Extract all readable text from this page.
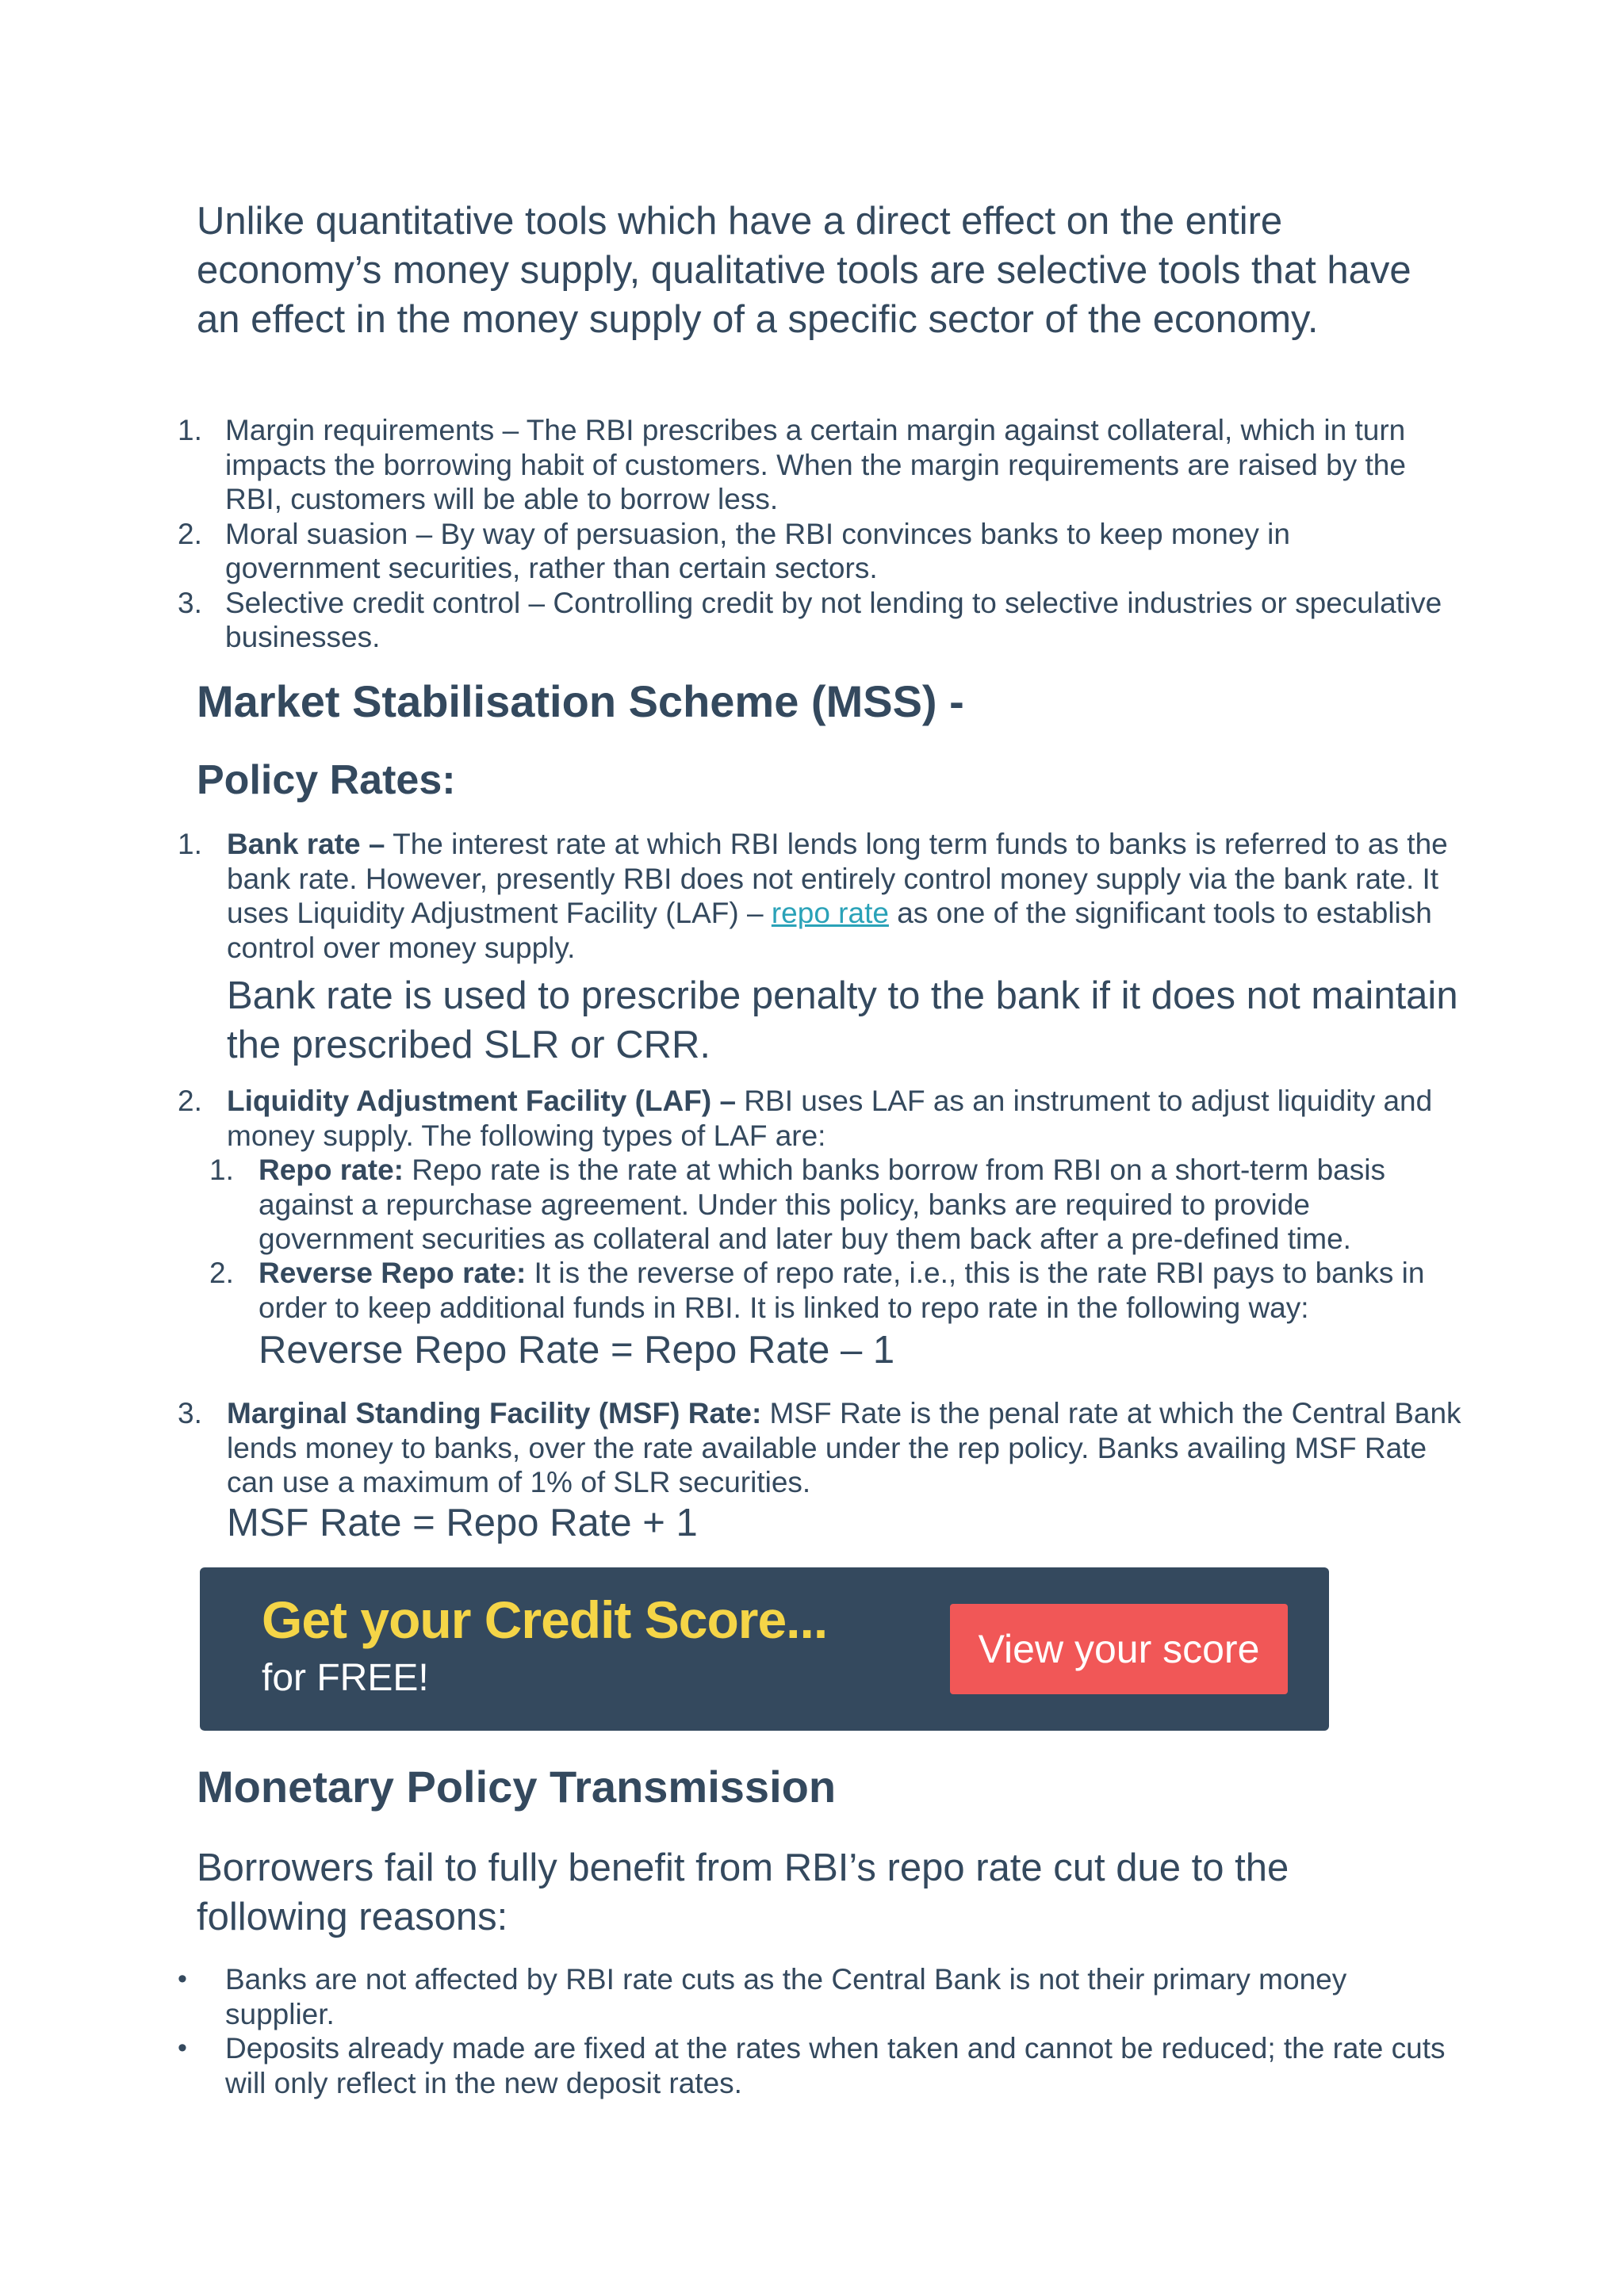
Unlike quantitative tools which have a direct effect on the entire economy’s money supply, qualitative tools are selective tools that have an effect in the money supply of a specific sector of the economy.

1. Margin requirements – The RBI prescribes a certain margin against collateral, which in turn impacts the borrowing habit of customers. When the margin requirements are raised by the RBI, customers will be able to borrow less.
2. Moral suasion – By way of persuasion, the RBI convinces banks to keep money in government securities, rather than certain sectors.
3. Selective credit control – Controlling credit by not lending to selective industries or speculative businesses.
Market Stabilisation Scheme (MSS) -
Policy Rates:
1. Bank rate – The interest rate at which RBI lends long term funds to banks is referred to as the bank rate. However, presently RBI does not entirely control money supply via the bank rate. It uses Liquidity Adjustment Facility (LAF) – repo rate as one of the significant tools to establish control over money supply.
Bank rate is used to prescribe penalty to the bank if it does not maintain the prescribed SLR or CRR.
2. Liquidity Adjustment Facility (LAF) – RBI uses LAF as an instrument to adjust liquidity and money supply. The following types of LAF are:
1. Repo rate: Repo rate is the rate at which banks borrow from RBI on a short-term basis against a repurchase agreement. Under this policy, banks are required to provide government securities as collateral and later buy them back after a pre-defined time.
2. Reverse Repo rate: It is the reverse of repo rate, i.e., this is the rate RBI pays to banks in order to keep additional funds in RBI. It is linked to repo rate in the following way:
Reverse Repo Rate = Repo Rate – 1
3. Marginal Standing Facility (MSF) Rate: MSF Rate is the penal rate at which the Central Bank lends money to banks, over the rate available under the rep policy. Banks availing MSF Rate can use a maximum of 1% of SLR securities.
MSF Rate = Repo Rate + 1
Get your Credit Score...
for FREE!
View your score
Monetary Policy Transmission

Borrowers fail to fully benefit from RBI’s repo rate cut due to the following reasons:

•	Banks are not affected by RBI rate cuts as the Central Bank is not their primary money supplier.
•	Deposits already made are fixed at the rates when taken and cannot be reduced; the rate cuts will only reflect in the new deposit rates.
